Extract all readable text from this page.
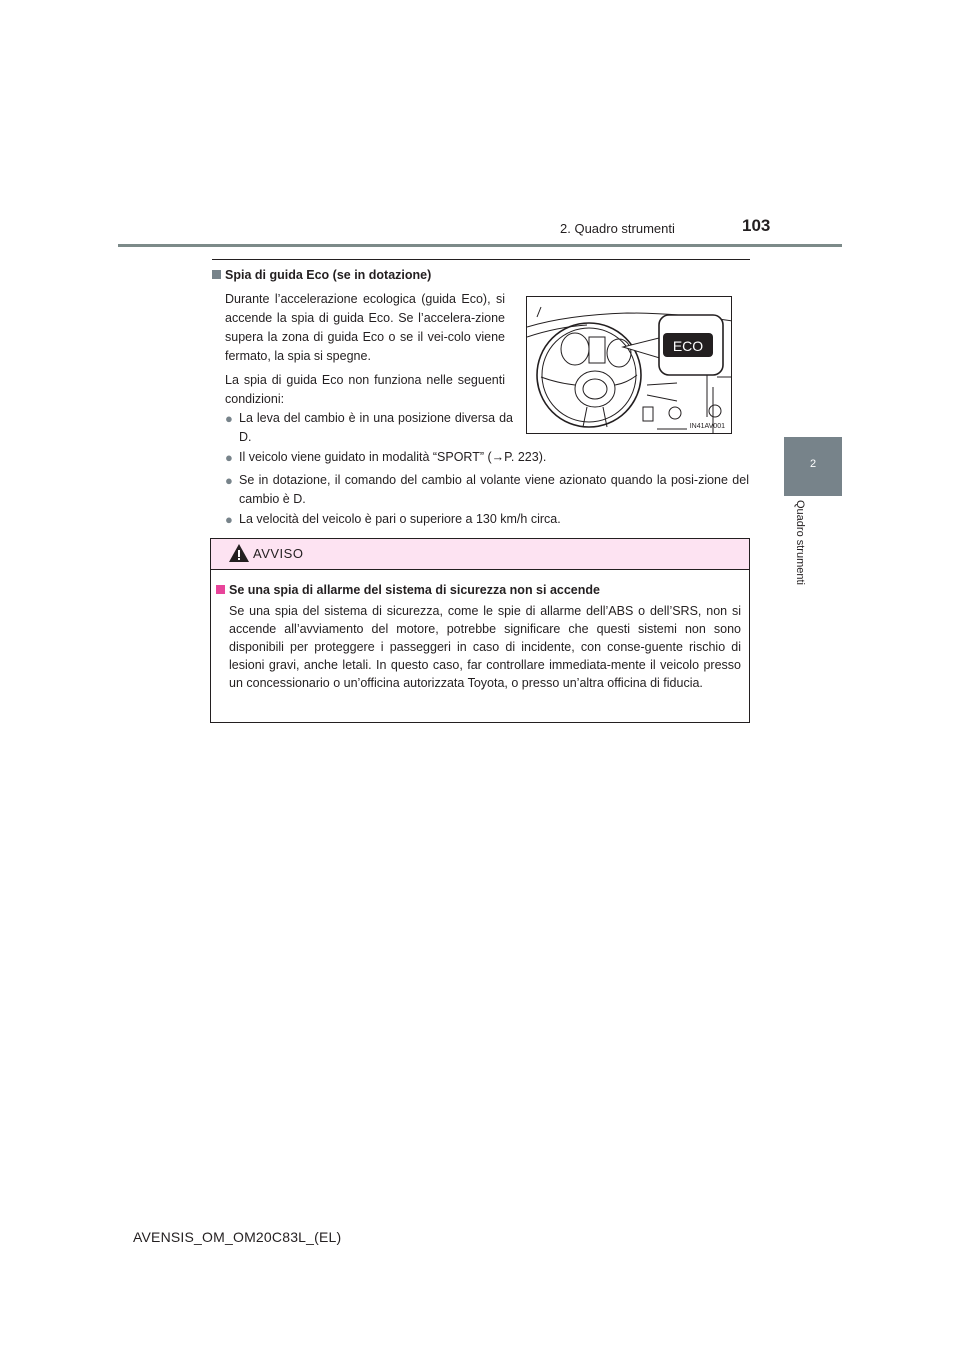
2. Quadro strumenti	103
2
Quadro strumenti
Spia di guida Eco (se in dotazione)
Durante l’accelerazione ecologica (guida Eco), si accende la spia di guida Eco. Se l’accelera-zione supera la zona di guida Eco o se il vei-colo viene fermato, la spia si spegne.
La spia di guida Eco non funziona nelle seguenti condizioni:
● La leva del cambio è in una posizione diversa da D.
● Il veicolo viene guidato in modalità “SPORT” (→P. 223).
● Se in dotazione, il comando del cambio al volante viene azionato quando la posi-zione del cambio è D.
● La velocità del veicolo è pari o superiore a 130 km/h circa.
ECO
IN41AV001
AVVISO
Se una spia di allarme del sistema di sicurezza non si accende
Se una spia del sistema di sicurezza, come le spie di allarme dell’ABS o dell’SRS, non si accende all’avviamento del motore, potrebbe significare che questi sistemi non sono disponibili per proteggere i passeggeri in caso di incidente, con conse-guente rischio di lesioni gravi, anche letali. In questo caso, far controllare immediata-mente il veicolo presso un concessionario o un’officina autorizzata Toyota, o presso un’altra officina di fiducia.
AVENSIS_OM_OM20C83L_(EL)
